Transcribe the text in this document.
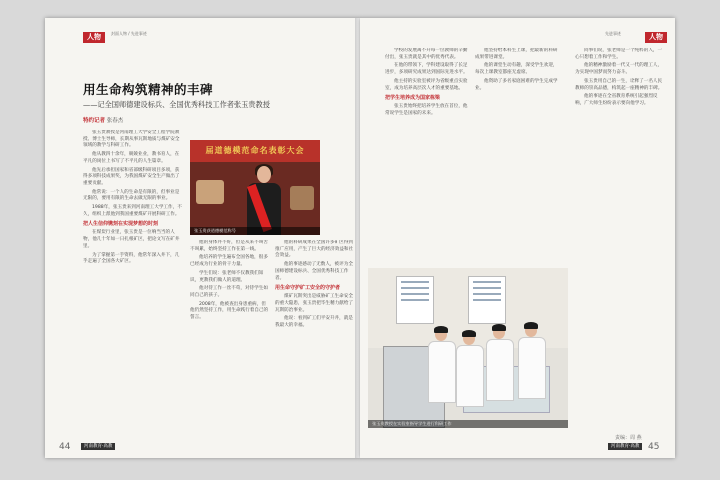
人物	封面人物 / 先进事迹
用生命构筑精神的丰碑
——记全国师德建设标兵、全国优秀科技工作者张玉贵教授
特约记者 张春杰

张玉贵教授是河南理工大学安全工程学院教授、博士生导师，长期从事瓦斯地质与煤矿安全领域的教学与科研工作。

他从教四十余年，兢兢业业，教书育人，在平凡的岗位上书写了不平凡的人生篇章。

他先后承担国家和省部级科研项目多项，获得多项科技成果奖，为我国煤矿安全生产做出了重要贡献。

他常说：一个人的生命是有限的，但事业是无限的，要用有限的生命去做无限的事业。

1988年，张玉贵来到河南理工大学工作，不久，组织上派他到我国重要煤矿开展科研工作。

把人生信仰镌刻在实现梦想的时刻

在煤炭行业里，张玉贵是一位响当当的人物，他几十年如一日扎根矿区，把论文写在矿井里。

为了掌握第一手资料，他常年深入井下，几乎走遍了全国各大矿区。

届道德模范命名表彰大会
张玉贵获道德模范称号

他的身体并不好，但是从来不叫苦不叫累，始终坚持工作在第一线。

他培养的学生遍布全国各地，很多已经成为行业的骨干力量。

学生们说：张老师不仅教我们知识，更教我们做人的道理。

他对待工作一丝不苟，对待学生如同自己的孩子。

2008年，他被查出身患重病，但他仍然坚持工作，用生命践行着自己的誓言。

他的科研成果在全国许多矿区得到推广应用，产生了巨大的经济效益和社会效益。

他的事迹感动了无数人，被评为全国师德建设标兵、全国优秀科技工作者。

用生命守护矿工安全的守护者

煤矿瓦斯突出是威胁矿工生命安全的重大隐患，张玉贵把毕生精力献给了瓦斯防治事业。

他说：看到矿工们平安升井，就是我最大的幸福。

44	河南教育·高教
人物
先进事迹

学校的发展离不开每一位教师的辛勤付出，张玉贵就是其中的优秀代表。

在他的带领下，学科建设取得了长足进步，多项研究成果达到国际先进水平。

他主持的实验室被评为省级重点实验室，成为培养高层次人才的重要基地。

把学生培养成为国家栋梁

张玉贵始终把培养学生放在首位，他常说学生是国家的未来。

他坚持给本科生上课，把最新的科研成果带进课堂。

他的课堂生动有趣，深受学生欢迎，每次上课教室都座无虚席。

他资助了多名家庭困难的学生完成学业。

同事们说，张老师是一个纯粹的人，一心只想着工作和学生。

他的精神激励着一代又一代的理工人，为实现中国梦而努力奋斗。

张玉贵用自己的一生，诠释了一名人民教师的崇高品德，构筑起一座精神的丰碑。

他的事迹在全省教育系统引起强烈反响，广大师生纷纷表示要向他学习。

张玉贵教授在实验室指导学生进行科研工作
责编：周 燕
河南教育·高教 45
